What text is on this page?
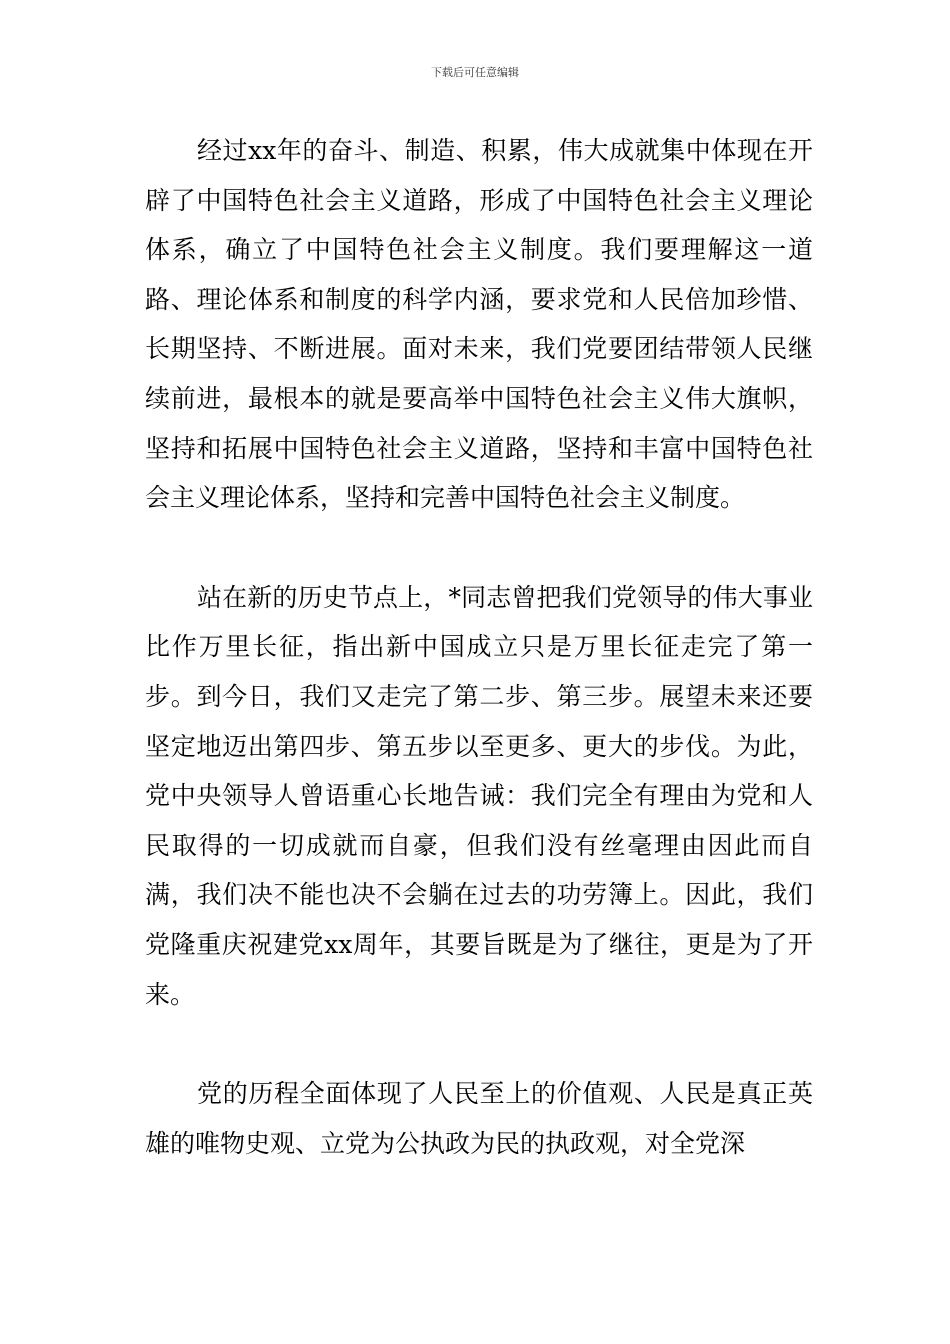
下载后可任意编辑

经过xx年的奋斗、制造、积累，伟大成就集中体现在开辟了中国特色社会主义道路，形成了中国特色社会主义理论体系，确立了中国特色社会主义制度。我们要理解这一道路、理论体系和制度的科学内涵，要求党和人民倍加珍惜、长期坚持、不断进展。面对未来，我们党要团结带领人民继续前进，最根本的就是要高举中国特色社会主义伟大旗帜，坚持和拓展中国特色社会主义道路，坚持和丰富中国特色社会主义理论体系，坚持和完善中国特色社会主义制度。

站在新的历史节点上，*同志曾把我们党领导的伟大事业比作万里长征，指出新中国成立只是万里长征走完了第一步。到今日，我们又走完了第二步、第三步。展望未来还要坚定地迈出第四步、第五步以至更多、更大的步伐。为此，党中央领导人曾语重心长地告诫：我们完全有理由为党和人民取得的一切成就而自豪，但我们没有丝毫理由因此而自满，我们决不能也决不会躺在过去的功劳簿上。因此，我们党隆重庆祝建党xx周年，其要旨既是为了继往，更是为了开来。

党的历程全面体现了人民至上的价值观、人民是真正英雄的唯物史观、立党为公执政为民的执政观，对全党深
